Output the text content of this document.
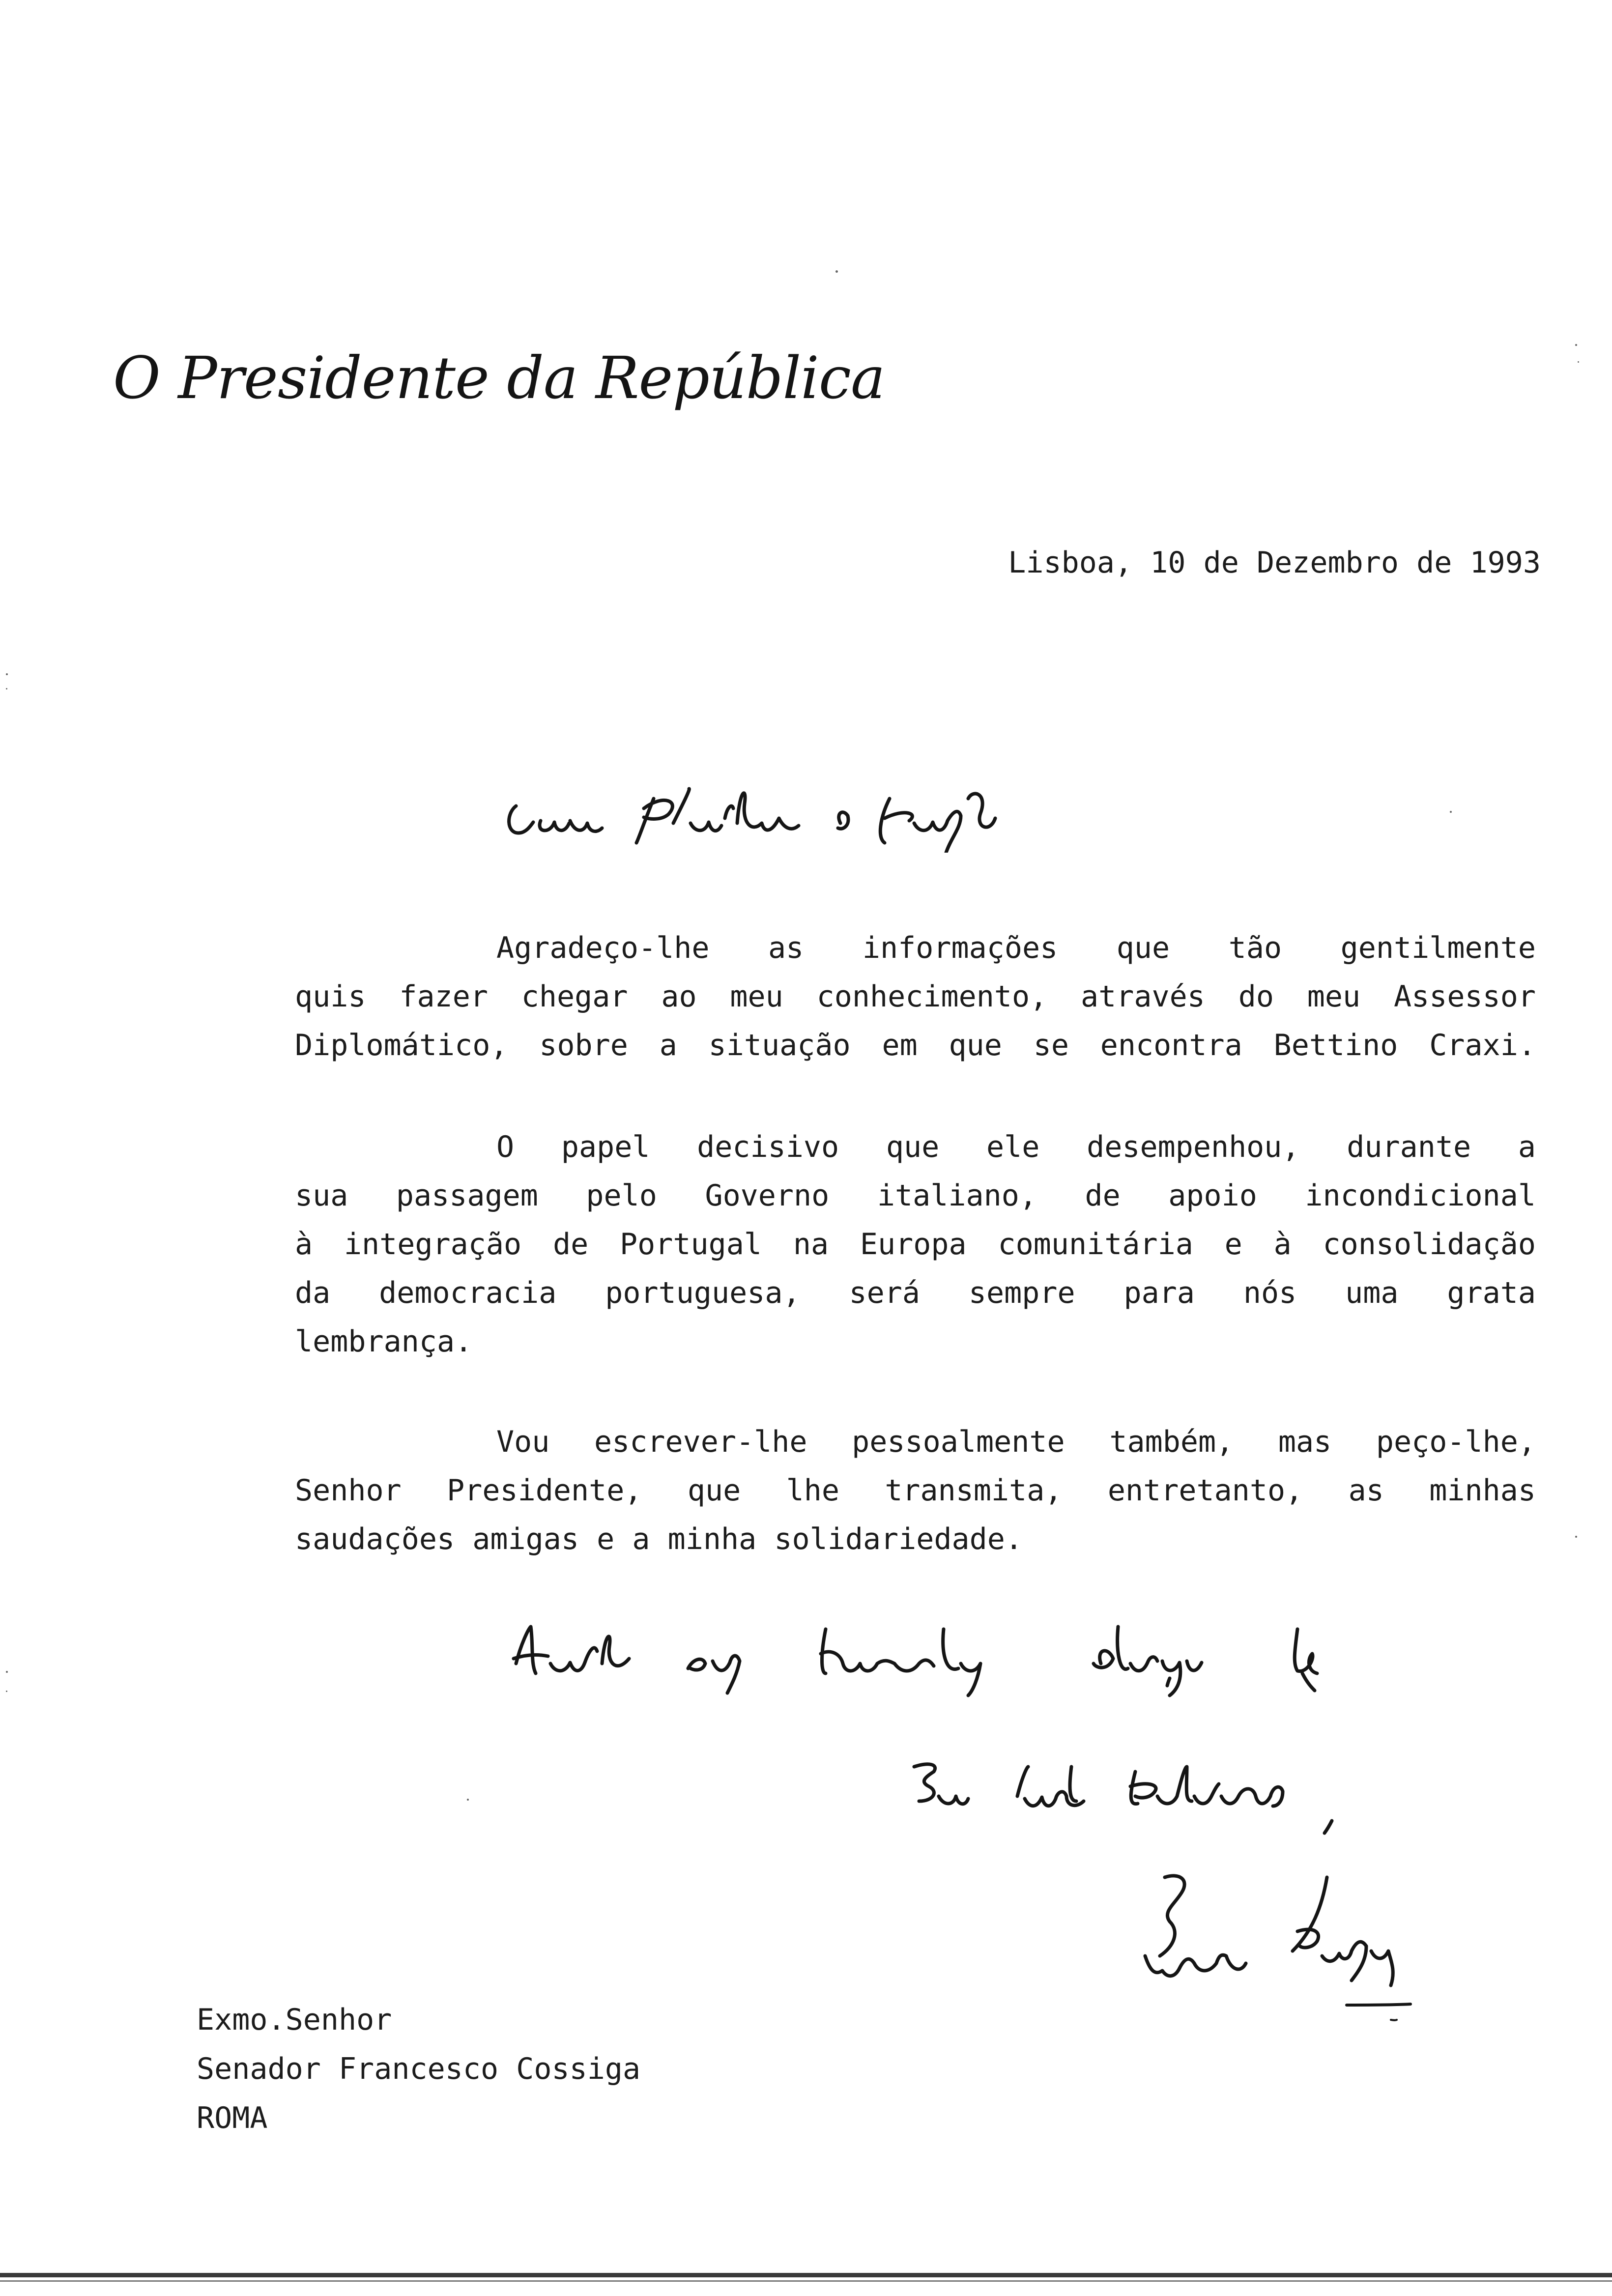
O Presidente da República
Lisboa, 10 de Dezembro de 1993

Agradeço-lhe as informações que tão gentilmente
quis fazer chegar ao meu conhecimento, através do meu Assessor
Diplomático, sobre a situação em que se encontra Bettino Craxi.

O papel decisivo que ele desempenhou, durante a
sua passagem pelo Governo italiano, de apoio incondicional
à integração de Portugal na Europa comunitária e à consolidação
da democracia portuguesa, será sempre para nós uma grata
lembrança.

Vou escrever-lhe pessoalmente também, mas peço-lhe,
Senhor Presidente, que lhe transmita, entretanto, as minhas
saudações amigas e a minha solidariedade.

Exmo.Senhor
Senador Francesco Cossiga
ROMA
